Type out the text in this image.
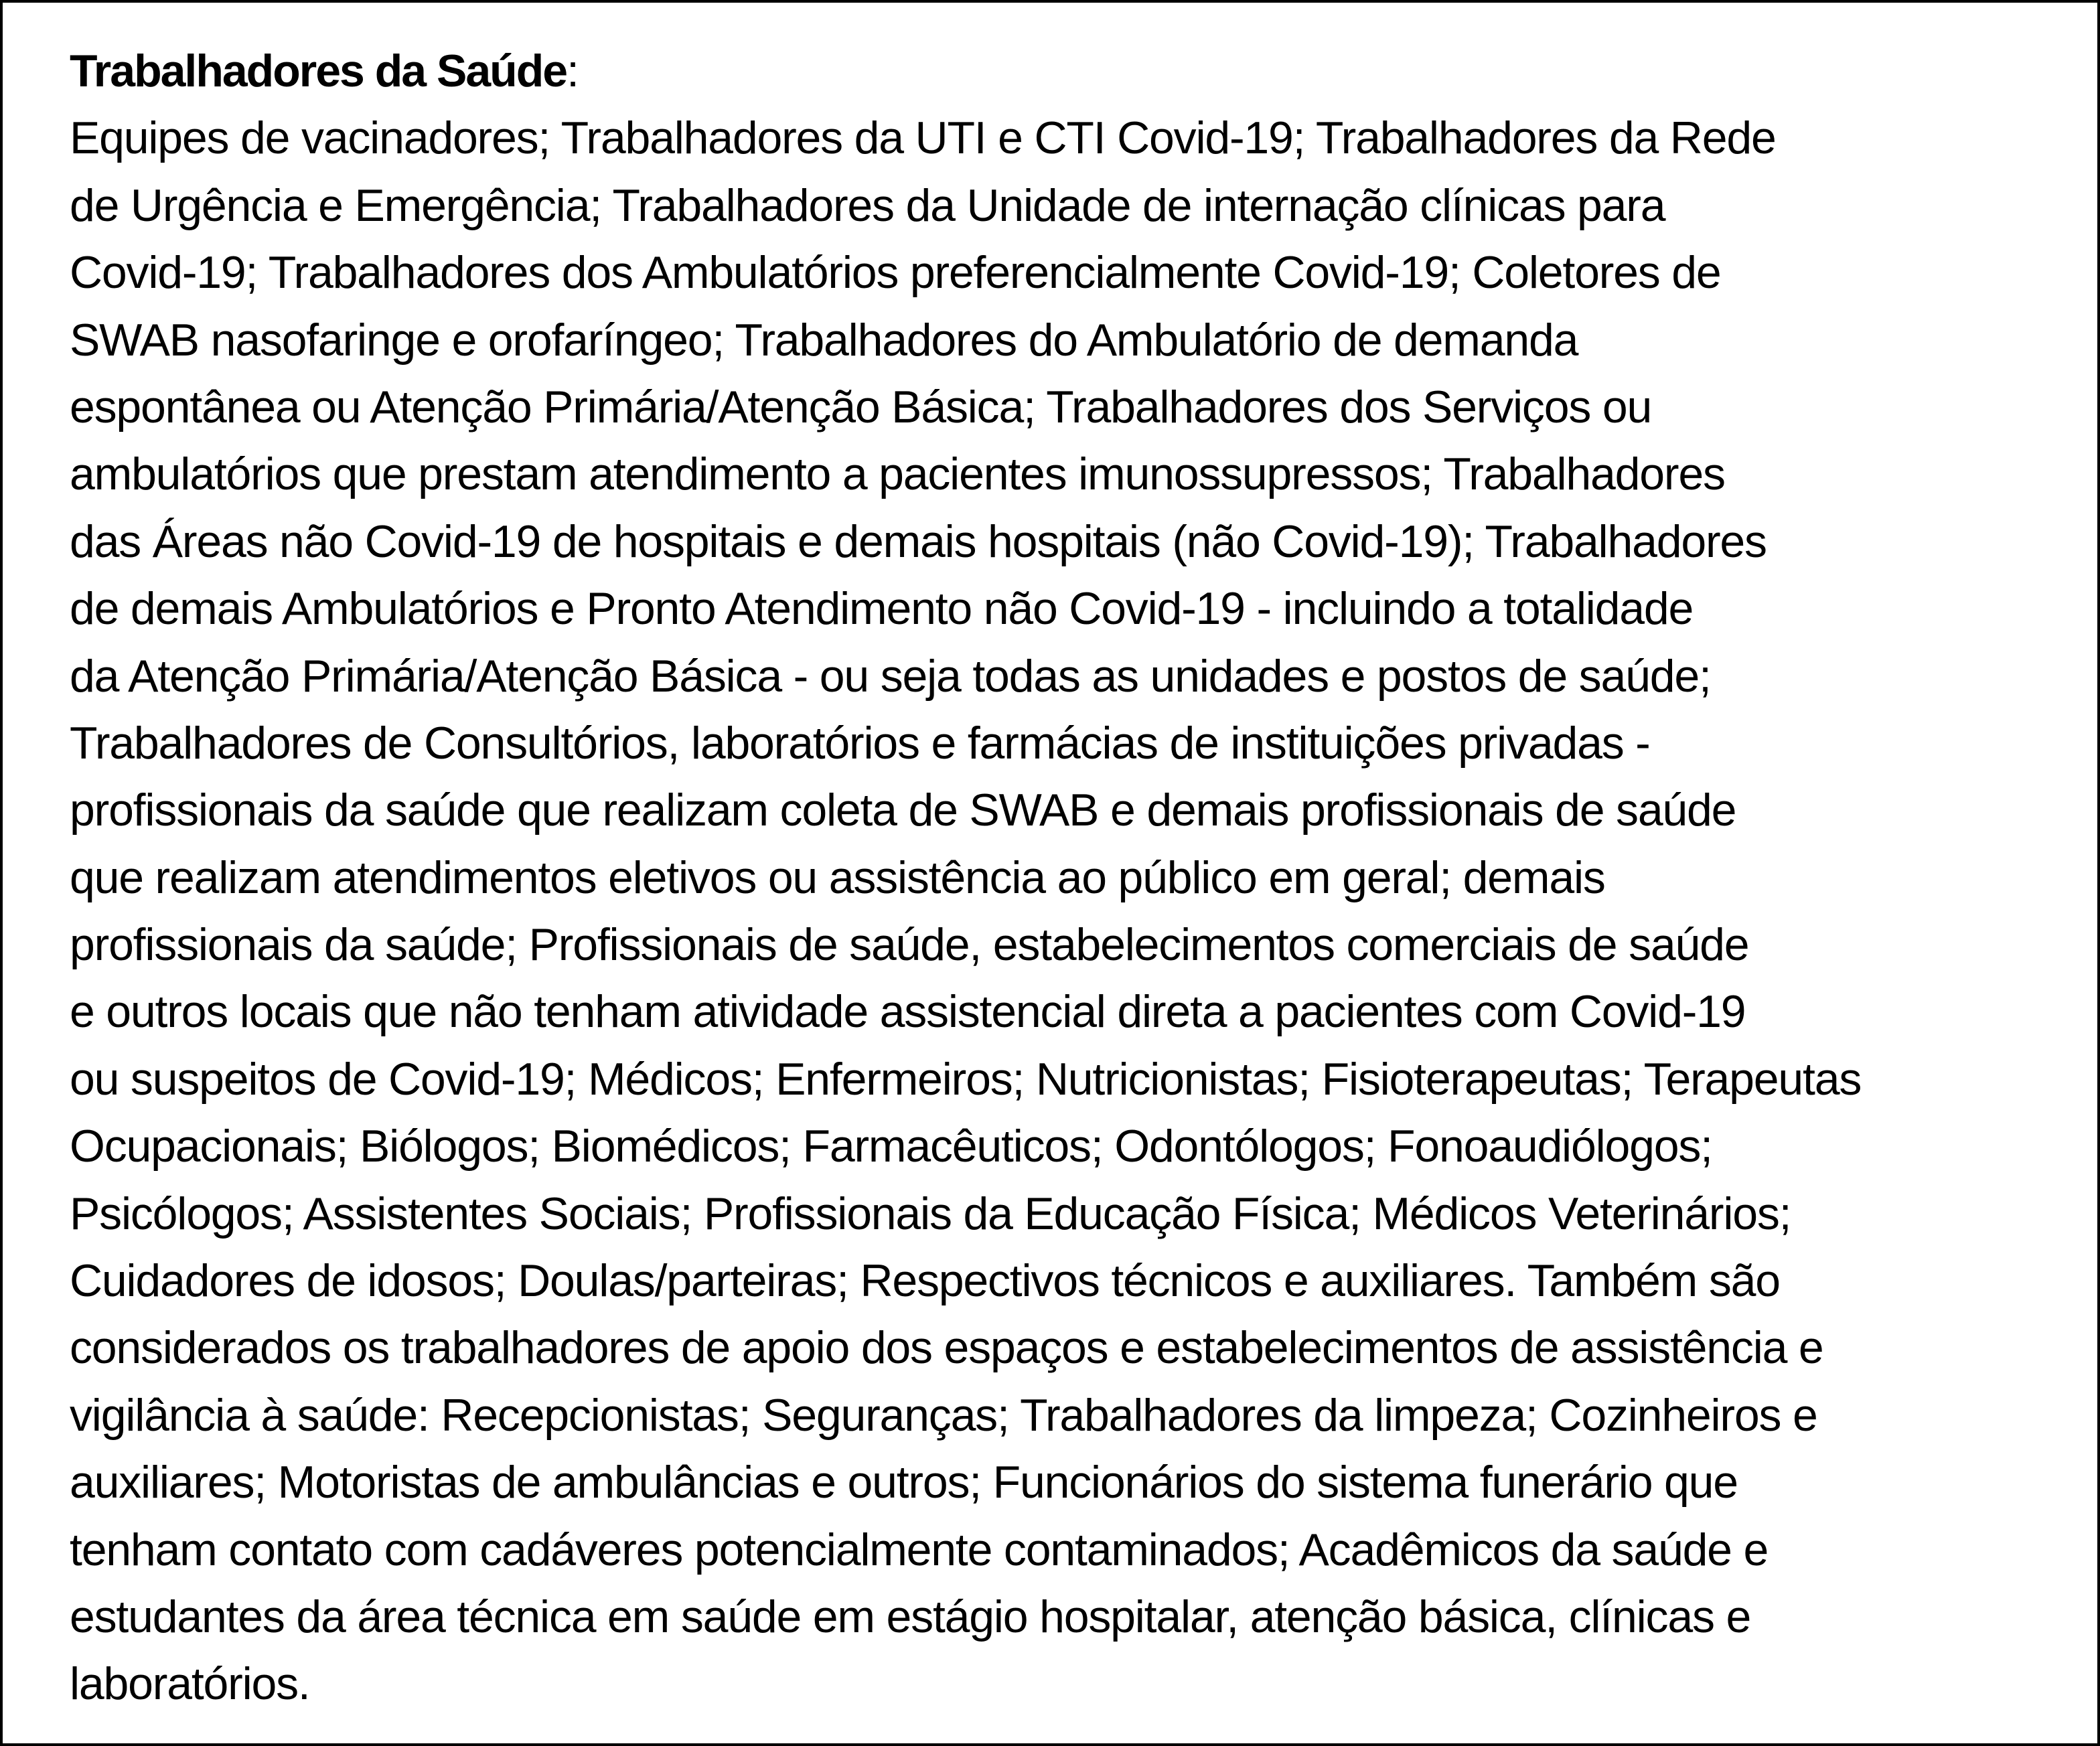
Trabalhadores da Saúde:
Equipes de vacinadores; Trabalhadores da UTI e CTI Covid-19; Trabalhadores da Rede
de Urgência e Emergência; Trabalhadores da Unidade de internação clínicas para
Covid-19; Trabalhadores dos Ambulatórios preferencialmente Covid-19; Coletores de
SWAB nasofaringe e orofaríngeo; Trabalhadores do Ambulatório de demanda
espontânea ou Atenção Primária/Atenção Básica; Trabalhadores dos Serviços ou
ambulatórios que prestam atendimento a pacientes imunossupressos; Trabalhadores
das Áreas não Covid-19 de hospitais e demais hospitais (não Covid-19); Trabalhadores
de demais Ambulatórios e Pronto Atendimento não Covid-19 - incluindo a totalidade
da Atenção Primária/Atenção Básica - ou seja todas as unidades e postos de saúde;
Trabalhadores de Consultórios, laboratórios e farmácias de instituições privadas -
profissionais da saúde que realizam coleta de SWAB e demais profissionais de saúde
que realizam atendimentos eletivos ou assistência ao público em geral; demais
profissionais da saúde; Profissionais de saúde, estabelecimentos comerciais de saúde
e outros locais que não tenham atividade assistencial direta a pacientes com Covid-19
ou suspeitos de Covid-19; Médicos; Enfermeiros; Nutricionistas; Fisioterapeutas; Terapeutas
Ocupacionais; Biólogos; Biomédicos; Farmacêuticos; Odontólogos; Fonoaudiólogos;
Psicólogos; Assistentes Sociais; Profissionais da Educação Física; Médicos Veterinários;
Cuidadores de idosos; Doulas/parteiras; Respectivos técnicos e auxiliares. Também são
considerados os trabalhadores de apoio dos espaços e estabelecimentos de assistência e
vigilância à saúde: Recepcionistas; Seguranças; Trabalhadores da limpeza; Cozinheiros e
auxiliares; Motoristas de ambulâncias e outros; Funcionários do sistema funerário que
tenham contato com cadáveres potencialmente contaminados; Acadêmicos da saúde e
estudantes da área técnica em saúde em estágio hospitalar, atenção básica, clínicas e
laboratórios.
